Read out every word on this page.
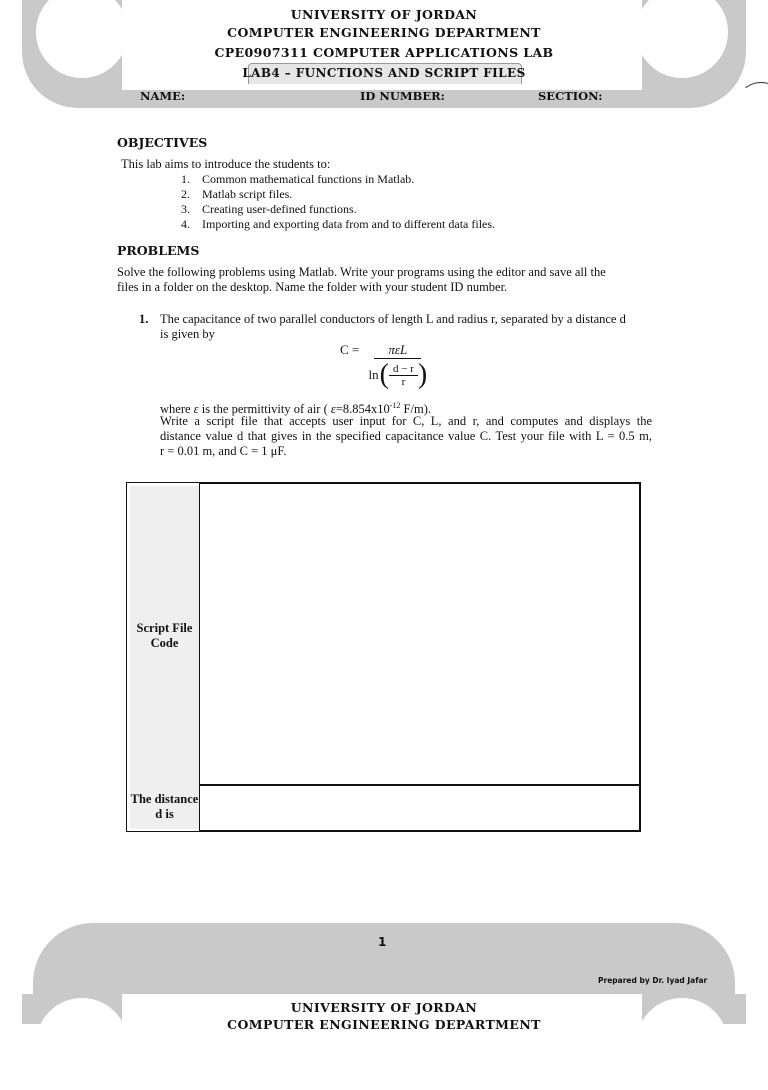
UNIVERSITY OF JORDAN
COMPUTER ENGINEERING DEPARTMENT
CPE0907311 COMPUTER APPLICATIONS LAB
LAB4 – FUNCTIONS AND SCRIPT FILES
NAME:	ID NUMBER:	SECTION:
OBJECTIVES
This lab aims to introduce the students to:
1. Common mathematical functions in Matlab.
2. Matlab script files.
3. Creating user-defined functions.
4. Importing and exporting data from and to different data files.
PROBLEMS
Solve the following problems using Matlab. Write your programs using the editor and save all the
files in a folder on the desktop. Name the folder with your student ID number.
1. The capacitance of two parallel conductors of length L and radius r, separated by a distance d
is given by
$C = \frac{\text{πεL}}{\ln ( \frac{d - r}{r} )}$
where ε is the permittivity of air ( $\varepsilon=8.854x10^{-12}$ F/m).
Write a script file that accepts user input for C, L, and r, and computes and displays the
distance value d that gives in the specified capacitance value C. Test your file with L = 0.5 m,
r = 0.01 m, and C = 1 μF.
Script File Code
The distance d is
1
Prepared by Dr. Iyad Jafar
UNIVERSITY OF JORDAN
COMPUTER ENGINEERING DEPARTMENT
